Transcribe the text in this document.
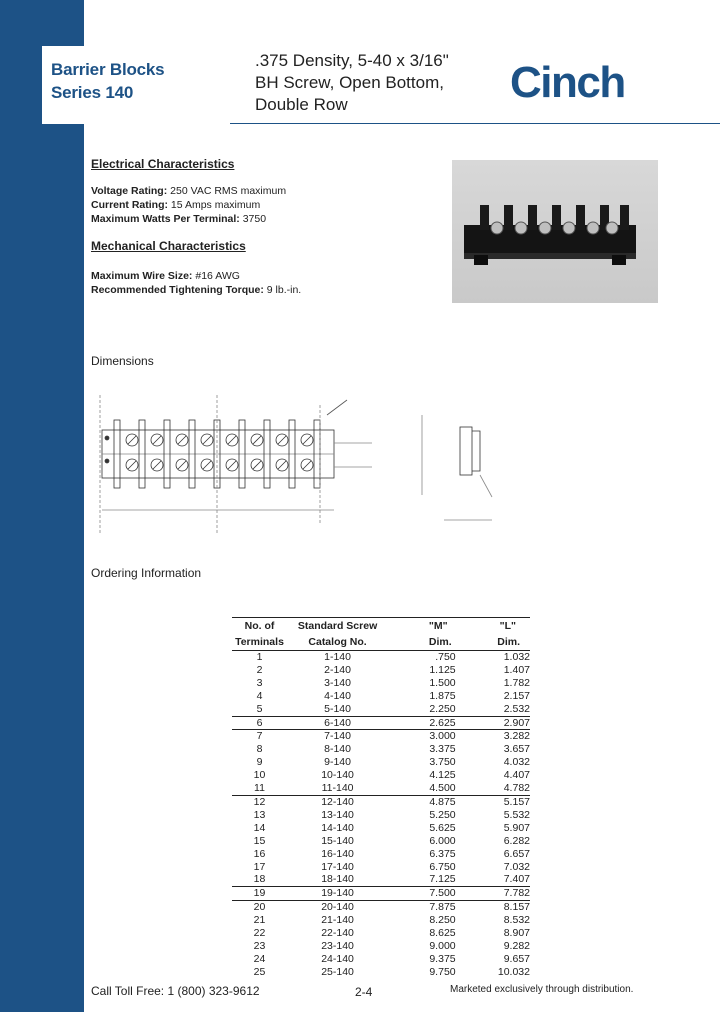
Barrier Blocks
Series 140
.375 Density, 5-40 x 3/16"
BH Screw, Open Bottom,
Double Row	Cinch
Electrical Characteristics
Voltage Rating: 250 VAC RMS maximum
Current Rating: 15 Amps maximum
Maximum Watts Per Terminal: 3750
Mechanical Characteristics
Maximum Wire Size: #16 AWG
Recommended Tightening Torque: 9 lb.-in.
Dimensions
Ordering Information
No. of	Standard Screw	"M"	"L"
Terminals	Catalog No.	Dim.	Dim.
1	1-140	.750	1.032
2	2-140	1.125	1.407
3	3-140	1.500	1.782
4	4-140	1.875	2.157
5	5-140	2.250	2.532
6	6-140	2.625	2.907
7	7-140	3.000	3.282
8	8-140	3.375	3.657
9	9-140	3.750	4.032
10	10-140	4.125	4.407
11	11-140	4.500	4.782
12	12-140	4.875	5.157
13	13-140	5.250	5.532
14	14-140	5.625	5.907
15	15-140	6.000	6.282
16	16-140	6.375	6.657
17	17-140	6.750	7.032
18	18-140	7.125	7.407
19	19-140	7.500	7.782
20	20-140	7.875	8.157
21	21-140	8.250	8.532
22	22-140	8.625	8.907
23	23-140	9.000	9.282
24	24-140	9.375	9.657
25	25-140	9.750	10.032
Call Toll Free: 1 (800) 323-9612	2-4	Marketed exclusively through distribution.
